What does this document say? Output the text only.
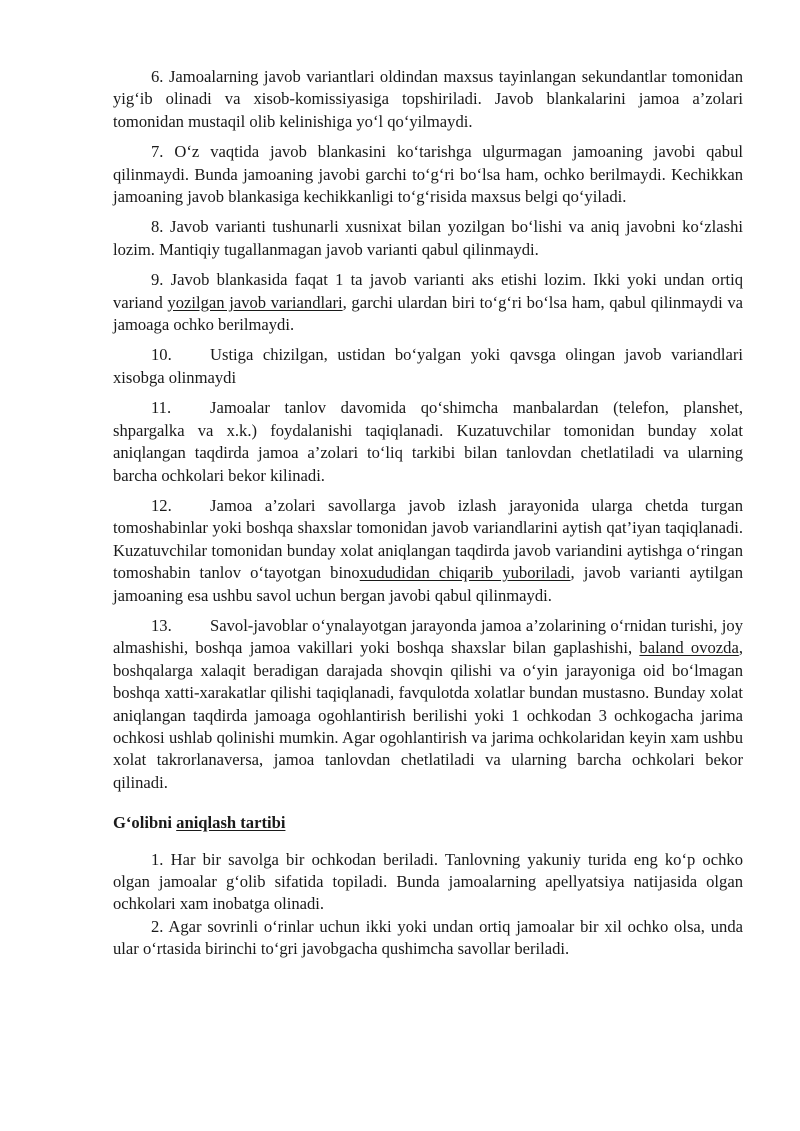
6. Jamoalarning javob variantlari oldindan maxsus tayinlangan sekundantlar tomonidan yig‘ib olinadi va xisob-komissiyasiga topshiriladi. Javob blankalarini jamoa a’zolari tomonidan mustaqil olib kelinishiga yo‘l qo‘yilmaydi.

7. O‘z vaqtida javob blankasini ko‘tarishga ulgurmagan jamoaning javobi qabul qilinmaydi. Bunda jamoaning javobi garchi to‘g‘ri bo‘lsa ham, ochko berilmaydi. Kechikkan jamoaning javob blankasiga kechikkanligi to‘g‘risida maxsus belgi qo‘yiladi.

8. Javob varianti tushunarli xusnixat bilan yozilgan bo‘lishi va aniq javobni ko‘zlashi lozim. Mantiqiy tugallanmagan javob varianti qabul qilinmaydi.

9. Javob blankasida faqat 1 ta javob varianti aks etishi lozim. Ikki yoki undan ortiq variand yozilgan javob variandlari, garchi ulardan biri to‘g‘ri bo‘lsa ham, qabul qilinmaydi va jamoaga ochko berilmaydi.

10. Ustiga chizilgan, ustidan bo‘yalgan yoki qavsga olingan javob variandlari xisobga olinmaydi

11. Jamoalar tanlov davomida qo‘shimcha manbalardan (telefon, planshet, shpargalka va x.k.) foydalanishi taqiqlanadi. Kuzatuvchilar tomonidan bunday xolat aniqlangan taqdirda jamoa a’zolari to‘liq tarkibi bilan tanlovdan chetlatiladi va ularning barcha ochkolari bekor kilinadi.

12. Jamoa a’zolari savollarga javob izlash jarayonida ularga chetda turgan tomoshabinlar yoki boshqa shaxslar tomonidan javob variandlarini aytish qat’iyan taqiqlanadi. Kuzatuvchilar tomonidan bunday xolat aniqlangan taqdirda javob variandini aytishga o‘ringan tomoshabin tanlov o‘tayotgan binoxududidan chiqarib yuboriladi, javob varianti aytilgan jamoaning esa ushbu savol uchun bergan javobi qabul qilinmaydi.

13. Savol-javoblar o‘ynalayotgan jarayonda jamoa a’zolarining o‘rnidan turishi, joy almashishi, boshqa jamoa vakillari yoki boshqa shaxslar bilan gaplashishi, baland ovozda, boshqalarga xalaqit beradigan darajada shovqin qilishi va o‘yin jarayoniga oid bo‘lmagan boshqa xatti-xarakatlar qilishi taqiqlanadi, favqulotda xolatlar bundan mustasno. Bunday xolat aniqlangan taqdirda jamoaga ogohlantirish berilishi yoki 1 ochkodan 3 ochkogacha jarima ochkosi ushlab qolinishi mumkin. Agar ogohlantirish va jarima ochkolaridan keyin xam ushbu xolat takrorlanaversa, jamoa tanlovdan chetlatiladi va ularning barcha ochkolari bekor qilinadi.

G‘olibni aniqlash tartibi

1. Har bir savolga bir ochkodan beriladi. Tanlovning yakuniy turida eng ko‘p ochko olgan jamoalar g‘olib sifatida topiladi. Bunda jamoalarning apellyatsiya natijasida olgan ochkolari xam inobatga olinadi.

2. Agar sovrinli o‘rinlar uchun ikki yoki undan ortiq jamoalar bir xil ochko olsa, unda ular o‘rtasida birinchi to‘gri javobgacha qushimcha savollar beriladi.
